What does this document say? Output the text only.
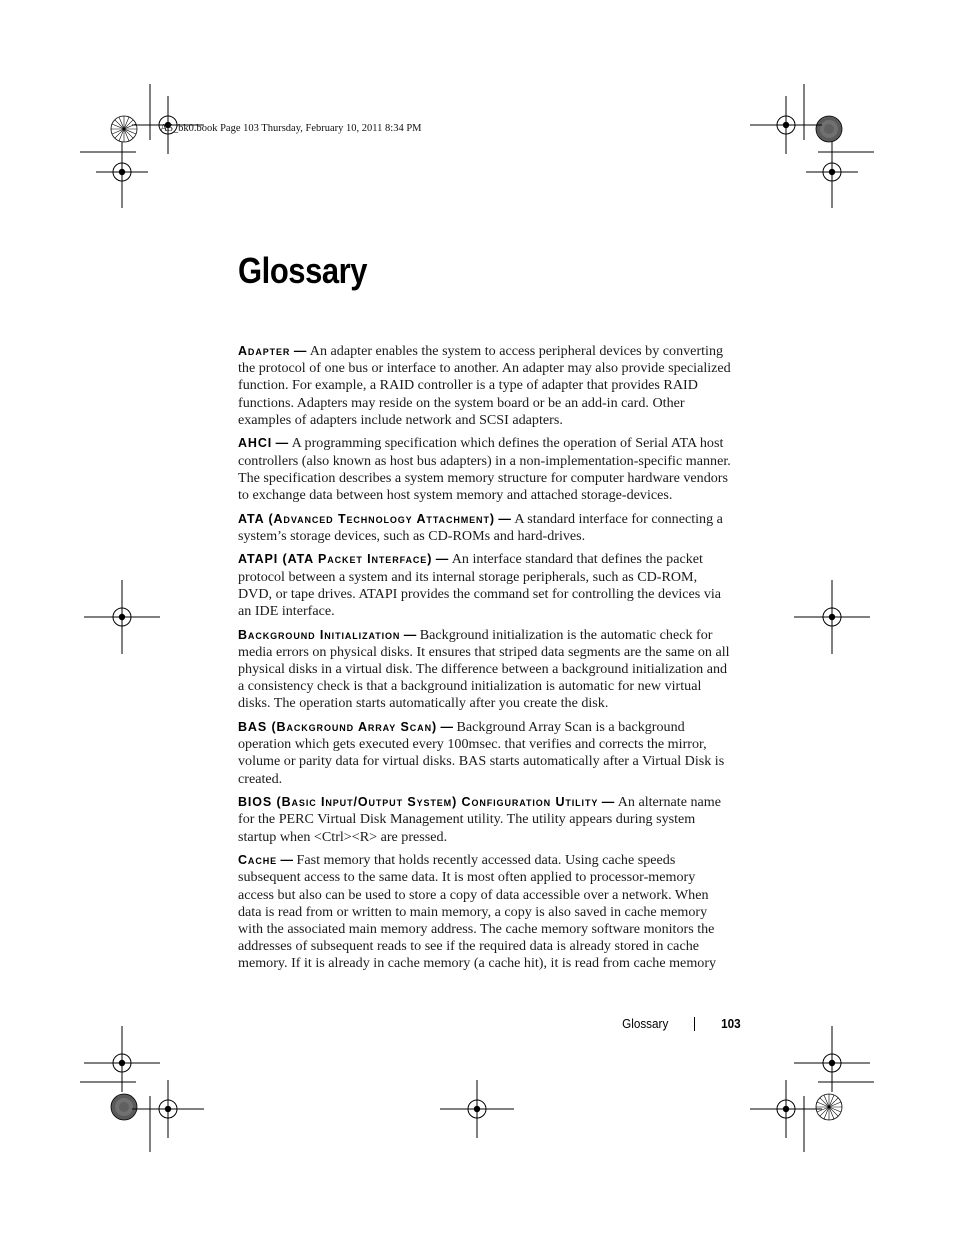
A5_bk0.book Page 103 Thursday, February 10, 2011 8:34 PM
Glossary

Adapter — An adapter enables the system to access peripheral devices by converting the protocol of one bus or interface to another. An adapter may also provide specialized function. For example, a RAID controller is a type of adapter that provides RAID functions. Adapters may reside on the system board or be an add-in card. Other examples of adapters include network and SCSI adapters.

AHCI — A programming specification which defines the operation of Serial ATA host controllers (also known as host bus adapters) in a non-implementation-specific manner. The specification describes a system memory structure for computer hardware vendors to exchange data between host system memory and attached storage-devices.

ATA (Advanced Technology Attachment) — A standard interface for connecting a system’s storage devices, such as CD-ROMs and hard-drives.

ATAPI (ATA Packet Interface) — An interface standard that defines the packet protocol between a system and its internal storage peripherals, such as CD-ROM, DVD, or tape drives. ATAPI provides the command set for controlling the devices via an IDE interface.

Background Initialization — Background initialization is the automatic check for media errors on physical disks. It ensures that striped data segments are the same on all physical disks in a virtual disk. The difference between a background initialization and a consistency check is that a background initialization is automatic for new virtual disks. The operation starts automatically after you create the disk.

BAS (Background Array Scan) — Background Array Scan is a background operation which gets executed every 100msec. that verifies and corrects the mirror, volume or parity data for virtual disks. BAS starts automatically after a Virtual Disk is created.

BIOS (Basic Input/Output System) Configuration Utility — An alternate name for the PERC Virtual Disk Management utility. The utility appears during system startup when <Ctrl><R> are pressed.

Cache — Fast memory that holds recently accessed data. Using cache speeds subsequent access to the same data. It is most often applied to processor-memory access but also can be used to store a copy of data accessible over a network. When data is read from or written to main memory, a copy is also saved in cache memory with the associated main memory address. The cache memory software monitors the addresses of subsequent reads to see if the required data is already stored in cache memory. If it is already in cache memory (a cache hit), it is read from cache memory

Glossary	103
